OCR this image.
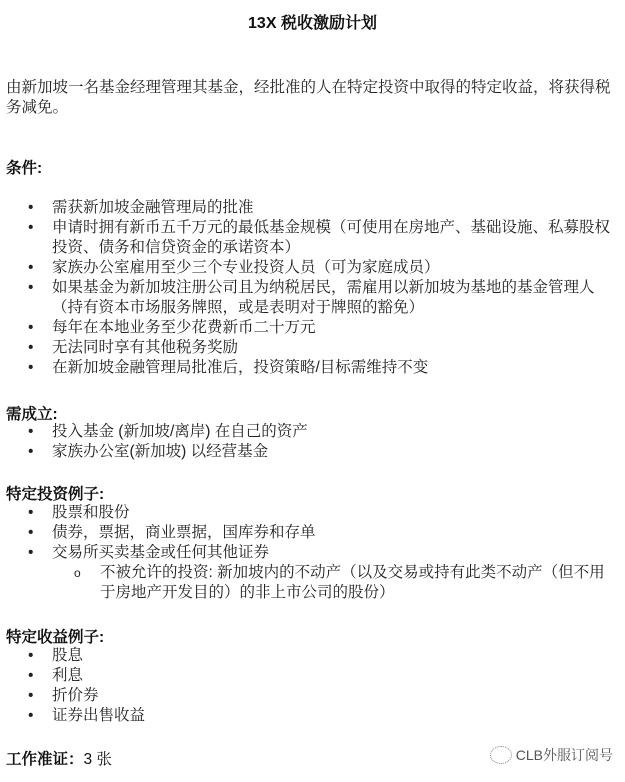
13X 税收激励计划
由新加坡一名基金经理管理其基金，经批准的人在特定投资中取得的特定收益，将获得税
务减免。
条件:
• 需获新加坡金融管理局的批准
• 申请时拥有新币五千万元的最低基金规模（可使用在房地产、基础设施、私募股权
投资、债务和信贷资金的承诺资本）
• 家族办公室雇用至少三个专业投资人员（可为家庭成员）
• 如果基金为新加坡注册公司且为纳税居民，需雇用以新加坡为基地的基金管理人
（持有资本市场服务牌照，或是表明对于牌照的豁免）
• 每年在本地业务至少花费新币二十万元
• 无法同时享有其他税务奖励
• 在新加坡金融管理局批准后，投资策略/目标需维持不变
需成立:
• 投入基金 (新加坡/离岸) 在自己的资产
• 家族办公室(新加坡) 以经营基金
特定投资例子:
• 股票和股份
• 债券，票据，商业票据，国库券和存单
• 交易所买卖基金或任何其他证券
o 不被允许的投资: 新加坡内的不动产（以及交易或持有此类不动产（但不用
于房地产开发目的）的非上市公司的股份）
特定收益例子:
• 股息
• 利息
• 折价券
• 证券出售收益
工作准证：3 张	CLB外服订阅号
